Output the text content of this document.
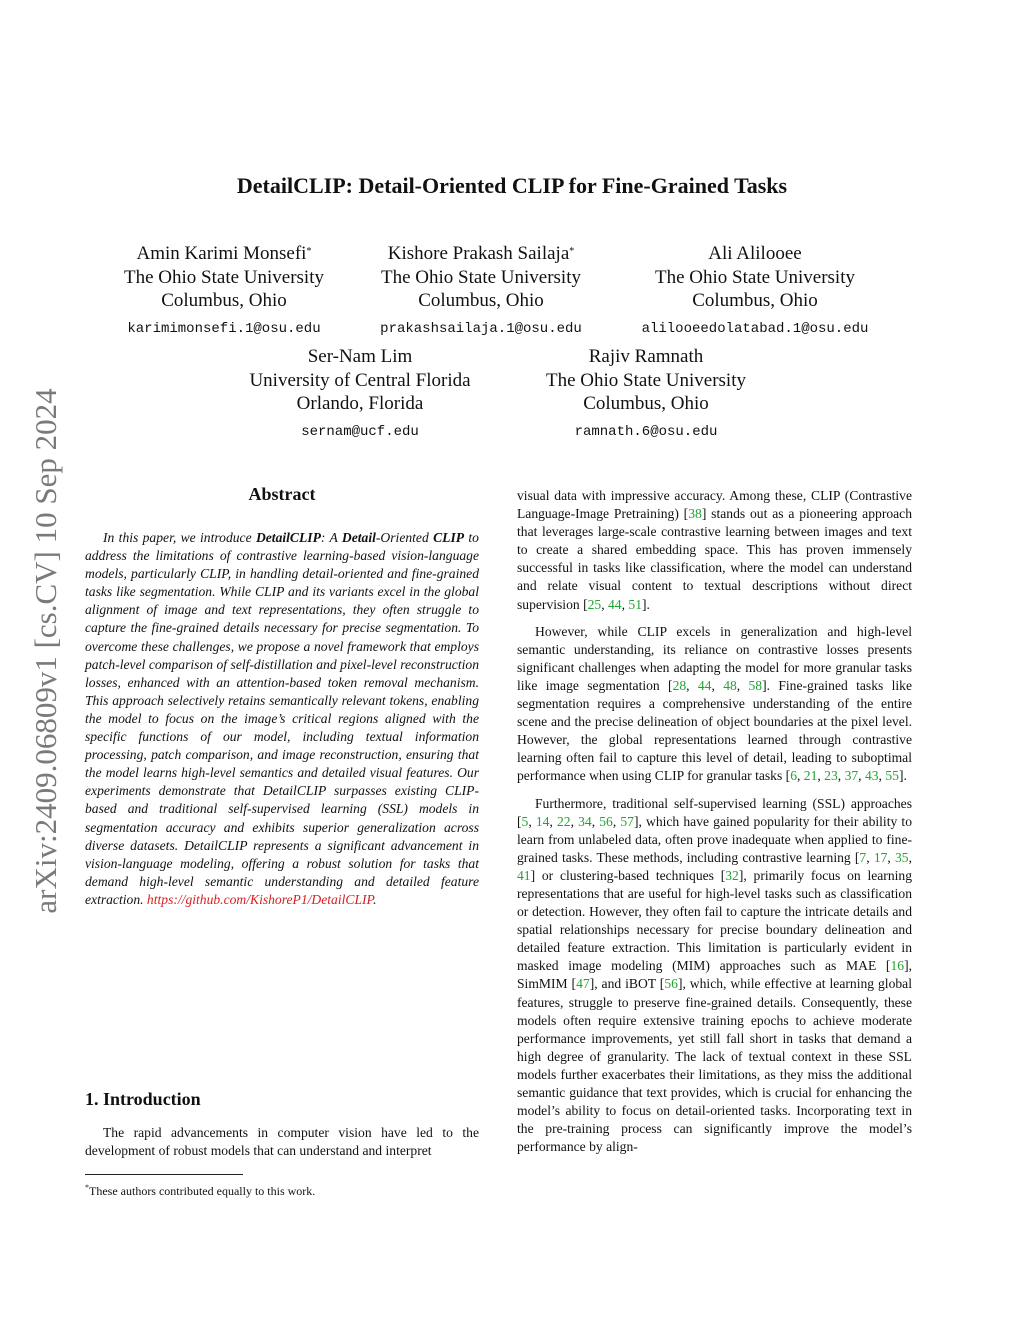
arXiv:2409.06809v1 [cs.CV] 10 Sep 2024
DetailCLIP: Detail-Oriented CLIP for Fine-Grained Tasks
Amin Karimi Monsefi*
The Ohio State University
Columbus, Ohio
karimimonsefi.1@osu.edu
Kishore Prakash Sailaja*
The Ohio State University
Columbus, Ohio
prakashsailaja.1@osu.edu
Ali Alilooee
The Ohio State University
Columbus, Ohio
alilooeedolatabad.1@osu.edu
Ser-Nam Lim
University of Central Florida
Orlando, Florida
sernam@ucf.edu
Rajiv Ramnath
The Ohio State University
Columbus, Ohio
ramnath.6@osu.edu
Abstract

In this paper, we introduce DetailCLIP: A Detail-Oriented CLIP to address the limitations of contrastive learning-based vision-language models, particularly CLIP, in handling detail-oriented and fine-grained tasks like segmentation. While CLIP and its variants excel in the global alignment of image and text representations, they often struggle to capture the fine-grained details necessary for precise segmentation. To overcome these challenges, we propose a novel framework that employs patch-level comparison of self-distillation and pixel-level reconstruction losses, enhanced with an attention-based token removal mechanism. This approach selectively retains semantically relevant tokens, enabling the model to focus on the image’s critical regions aligned with the specific functions of our model, including textual information processing, patch comparison, and image reconstruction, ensuring that the model learns high-level semantics and detailed visual features. Our experiments demonstrate that DetailCLIP surpasses existing CLIP-based and traditional self-supervised learning (SSL) models in segmentation accuracy and exhibits superior generalization across diverse datasets. DetailCLIP represents a significant advancement in vision-language modeling, offering a robust solution for tasks that demand high-level semantic understanding and detailed feature extraction. https://github.com/KishoreP1/DetailCLIP.

1. Introduction

The rapid advancements in computer vision have led to the development of robust models that can understand and interpret

*These authors contributed equally to this work.

visual data with impressive accuracy. Among these, CLIP (Contrastive Language-Image Pretraining) [38] stands out as a pioneering approach that leverages large-scale contrastive learning between images and text to create a shared embedding space. This has proven immensely successful in tasks like classification, where the model can understand and relate visual content to textual descriptions without direct supervision [25, 44, 51].

However, while CLIP excels in generalization and high-level semantic understanding, its reliance on contrastive losses presents significant challenges when adapting the model for more granular tasks like image segmentation [28, 44, 48, 58]. Fine-grained tasks like segmentation requires a comprehensive understanding of the entire scene and the precise delineation of object boundaries at the pixel level. However, the global representations learned through contrastive learning often fail to capture this level of detail, leading to suboptimal performance when using CLIP for granular tasks [6, 21, 23, 37, 43, 55].

Furthermore, traditional self-supervised learning (SSL) approaches [5, 14, 22, 34, 56, 57], which have gained popularity for their ability to learn from unlabeled data, often prove inadequate when applied to fine-grained tasks. These methods, including contrastive learning [7, 17, 35, 41] or clustering-based techniques [32], primarily focus on learning representations that are useful for high-level tasks such as classification or detection. However, they often fail to capture the intricate details and spatial relationships necessary for precise boundary delineation and detailed feature extraction. This limitation is particularly evident in masked image modeling (MIM) approaches such as MAE [16], SimMIM [47], and iBOT [56], which, while effective at learning global features, struggle to preserve fine-grained details. Consequently, these models often require extensive training epochs to achieve moderate performance improvements, yet still fall short in tasks that demand a high degree of granularity. The lack of textual context in these SSL models further exacerbates their limitations, as they miss the additional semantic guidance that text provides, which is crucial for enhancing the model’s ability to focus on detail-oriented tasks. Incorporating text in the pre-training process can significantly improve the model’s performance by align-
